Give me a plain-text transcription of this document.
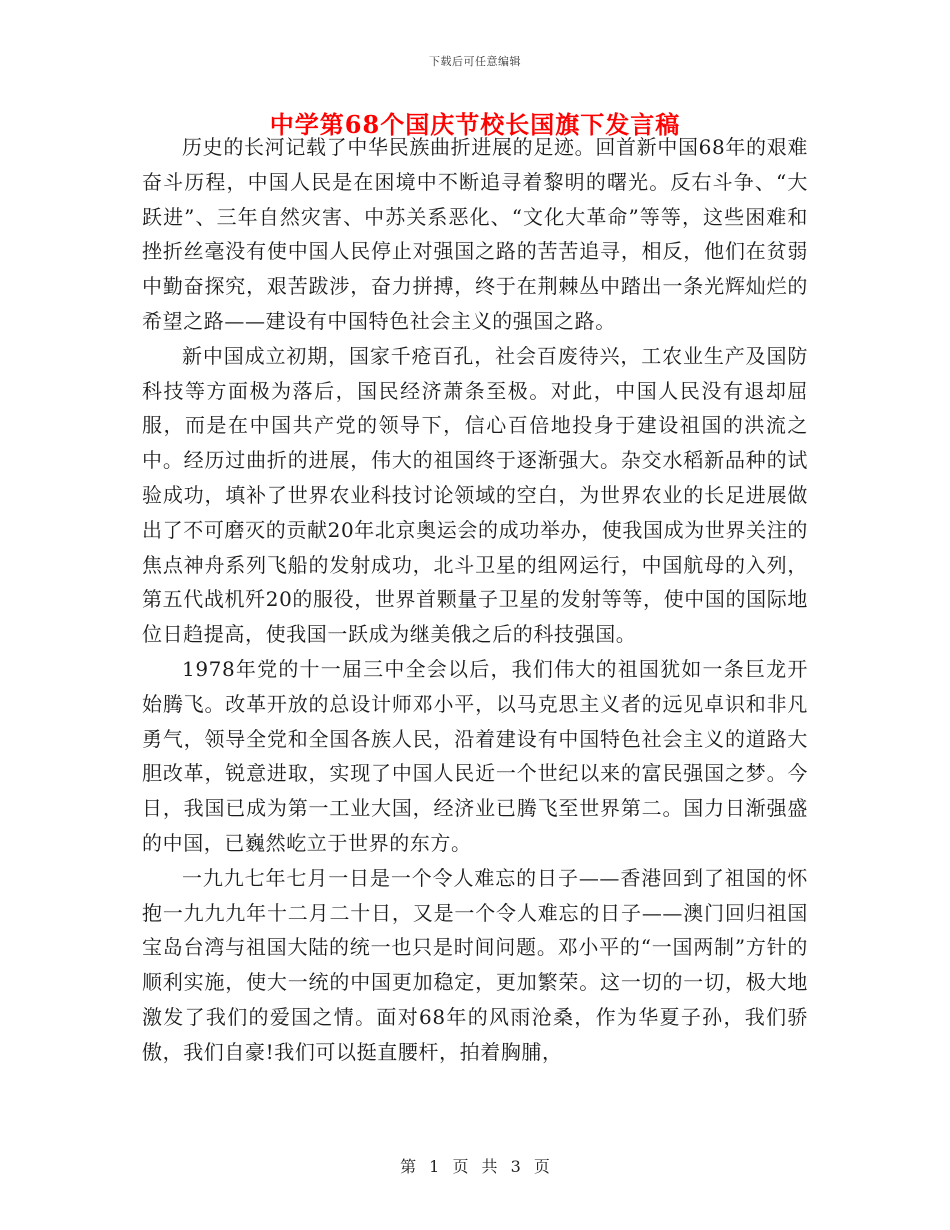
下载后可任意编辑
中学第68个国庆节校长国旗下发言稿

历史的长河记载了中华民族曲折进展的足迹。回首新中国68年的艰难奋斗历程，中国人民是在困境中不断追寻着黎明的曙光。反右斗争、“大跃进”、三年自然灾害、中苏关系恶化、“文化大革命”等等，这些困难和挫折丝毫没有使中国人民停止对强国之路的苦苦追寻，相反，他们在贫弱中勤奋探究，艰苦跋涉，奋力拼搏，终于在荆棘丛中踏出一条光辉灿烂的希望之路——建设有中国特色社会主义的强国之路。

新中国成立初期，国家千疮百孔，社会百废待兴，工农业生产及国防科技等方面极为落后，国民经济萧条至极。对此，中国人民没有退却屈服，而是在中国共产党的领导下，信心百倍地投身于建设祖国的洪流之中。经历过曲折的进展，伟大的祖国终于逐渐强大。杂交水稻新品种的试验成功，填补了世界农业科技讨论领域的空白，为世界农业的长足进展做出了不可磨灭的贡献20年北京奥运会的成功举办，使我国成为世界关注的焦点神舟系列飞船的发射成功，北斗卫星的组网运行，中国航母的入列，第五代战机歼20的服役，世界首颗量子卫星的发射等等，使中国的国际地位日趋提高，使我国一跃成为继美俄之后的科技强国。

1978年党的十一届三中全会以后，我们伟大的祖国犹如一条巨龙开始腾飞。改革开放的总设计师邓小平，以马克思主义者的远见卓识和非凡勇气，领导全党和全国各族人民，沿着建设有中国特色社会主义的道路大胆改革，锐意进取，实现了中国人民近一个世纪以来的富民强国之梦。今日，我国已成为第一工业大国，经济业已腾飞至世界第二。国力日渐强盛的中国，已巍然屹立于世界的东方。

一九九七年七月一日是一个令人难忘的日子——香港回到了祖国的怀抱一九九九年十二月二十日，又是一个令人难忘的日子——澳门回归祖国宝岛台湾与祖国大陆的统一也只是时间问题。邓小平的“一国两制”方针的顺利实施，使大一统的中国更加稳定，更加繁荣。这一切的一切，极大地激发了我们的爱国之情。面对68年的风雨沧桑，作为华夏子孙，我们骄傲，我们自豪!我们可以挺直腰杆，拍着胸脯，

第 1 页 共 3 页
